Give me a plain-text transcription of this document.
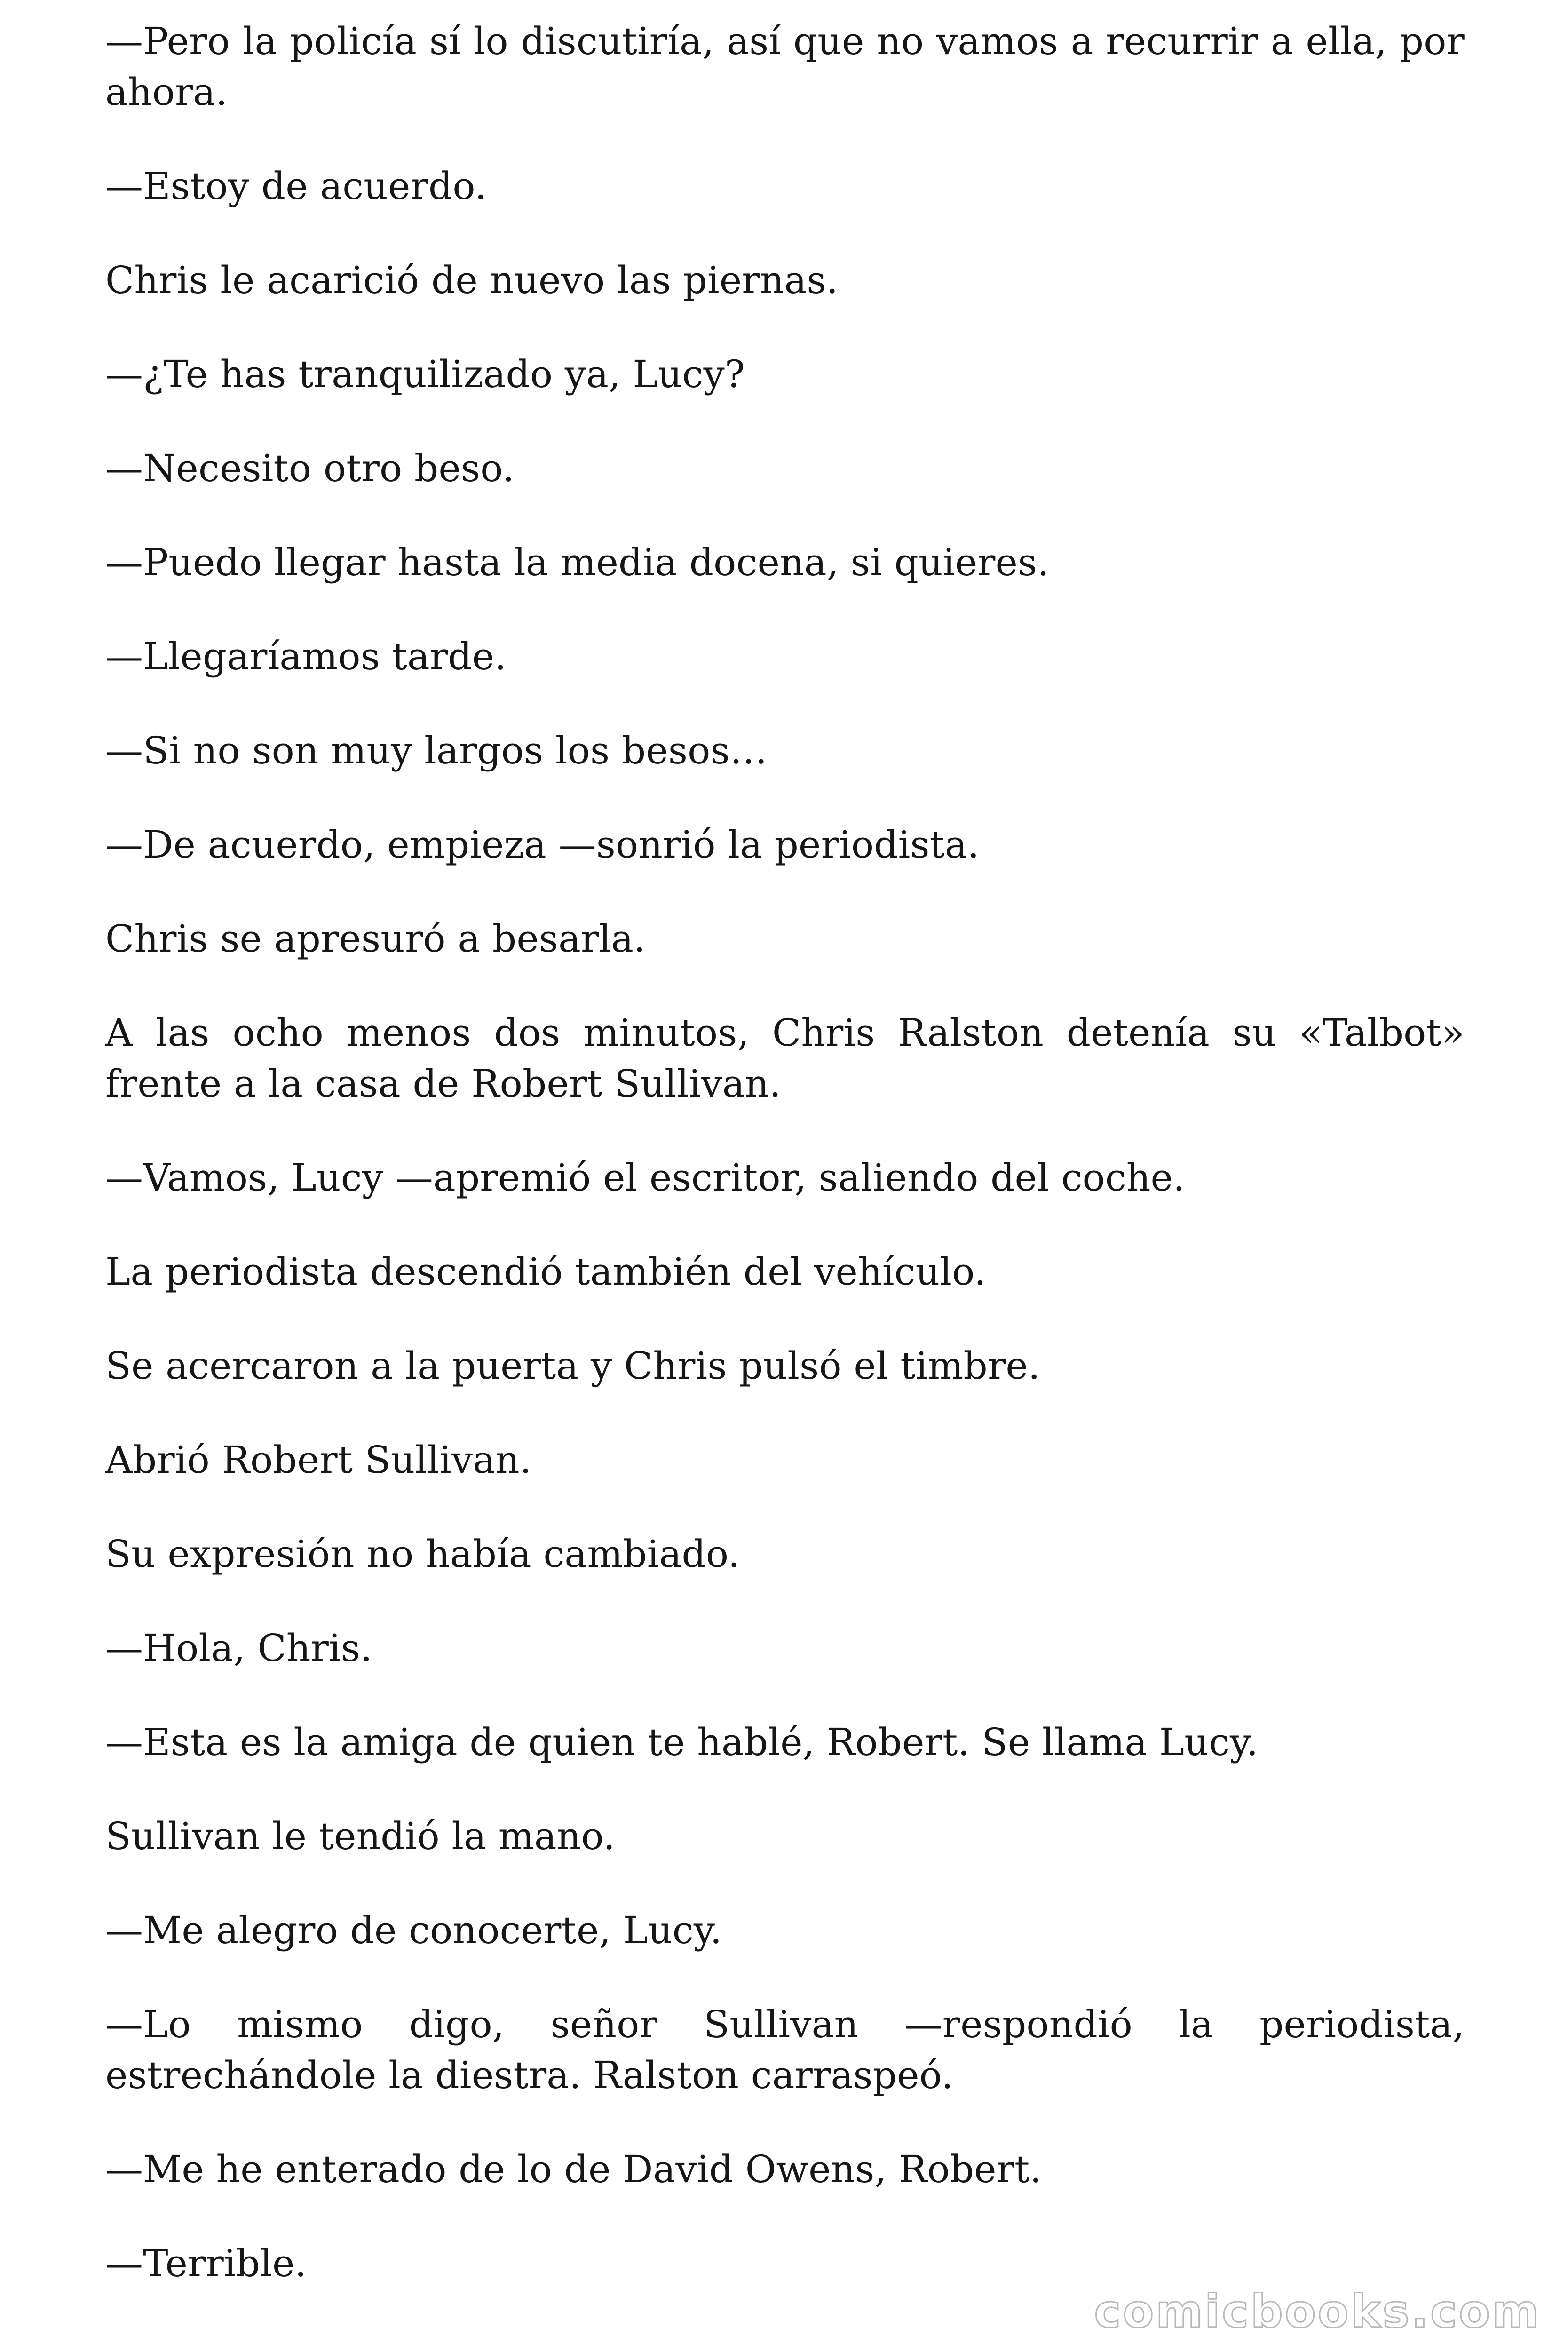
—Pero la policía sí lo discutiría, así que no vamos a recurrir a ella, por ahora.

—Estoy de acuerdo.

Chris le acarició de nuevo las piernas.

—¿Te has tranquilizado ya, Lucy?

—Necesito otro beso.

—Puedo llegar hasta la media docena, si quieres.

—Llegaríamos tarde.

—Si no son muy largos los besos…

—De acuerdo, empieza —sonrió la periodista.

Chris se apresuró a besarla.

A las ocho menos dos minutos, Chris Ralston detenía su «Talbot» frente a la casa de Robert Sullivan.

—Vamos, Lucy —apremió el escritor, saliendo del coche.

La periodista descendió también del vehículo.

Se acercaron a la puerta y Chris pulsó el timbre.

Abrió Robert Sullivan.

Su expresión no había cambiado.

—Hola, Chris.

—Esta es la amiga de quien te hablé, Robert. Se llama Lucy.

Sullivan le tendió la mano.

—Me alegro de conocerte, Lucy.

—Lo mismo digo, señor Sullivan —respondió la periodista, estrechándole la diestra. Ralston carraspeó.

—Me he enterado de lo de David Owens, Robert.

—Terrible.

comicbooks.com
